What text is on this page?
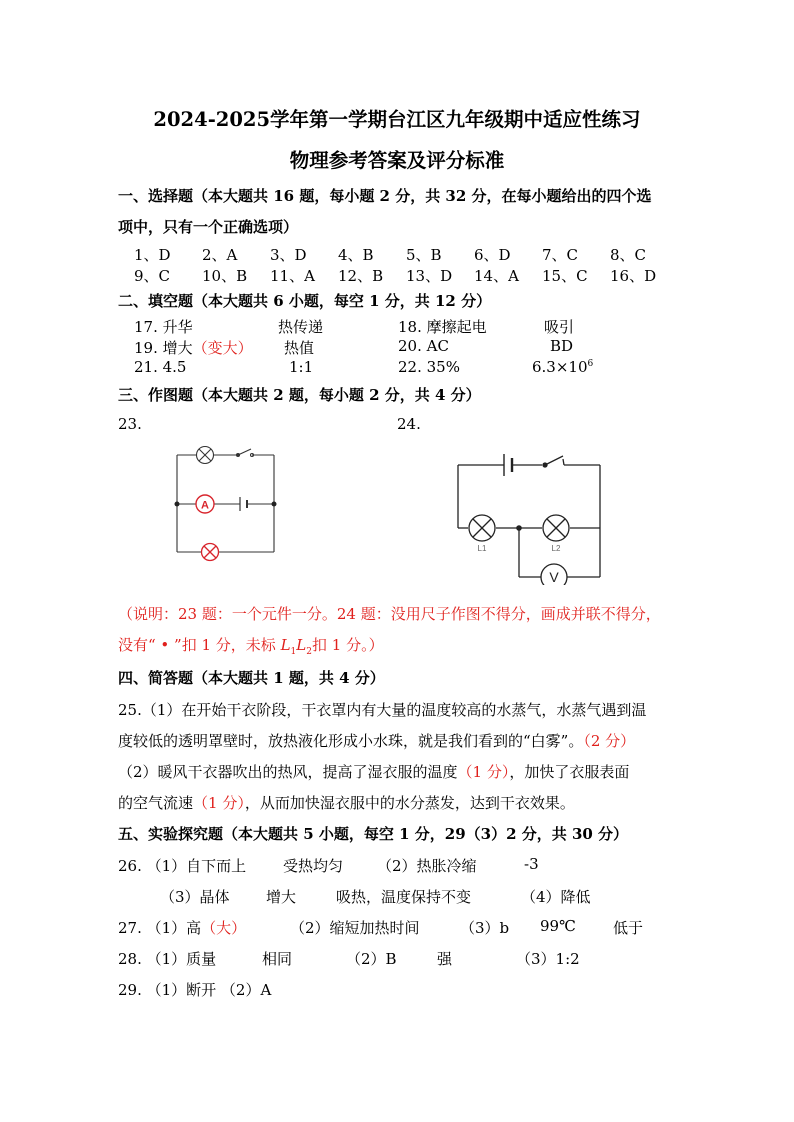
2024-2025学年第一学期台江区九年级期中适应性练习
物理参考答案及评分标准
一、选择题（本大题共 16 题，每小题 2 分，共 32 分，在每小题给出的四个选
项中，只有一个正确选项）
1、D 2、A 3、D 4、B 5、B 6、D 7、C 8、C
9、C 10、B 11、A 12、B 13、D 14、A 15、C 16、D
二、填空题（本大题共 6 小题，每空 1 分，共 12 分）
17. 升华	热传递	18. 摩擦起电	吸引
19. 增大（变大） 热值	20. AC	BD
21. 4.5	1:1	22. 35%	$6.3\times 10^6$
三、作图题（本大题共 2 题，每小题 2 分，共 4 分）
23.	24.
A
V
L1	L2
（说明：23 题：一个元件一分。24 题：没用尺子作图不得分，画成并联不得分，
没有“ • ”扣 1 分，未标 $L_1L_2$扣 1 分。）
四、简答题（本大题共 1 题，共 4 分）
25.（1）在开始干衣阶段，干衣罩内有大量的温度较高的水蒸气，水蒸气遇到温
度较低的透明罩壁时，放热液化形成小水珠，就是我们看到的“白雾”。（2 分）
（2）暖风干衣器吹出的热风，提高了湿衣服的温度（1 分），加快了衣服表面
的空气流速（1 分），从而加快湿衣服中的水分蒸发，达到干衣效果。
五、实验探究题（本大题共 5 小题，每空 1 分，29（3）2 分，共 30 分）
26. （1）自下而上 受热均匀 （2）热胀冷缩	-3
（3）晶体 增大	吸热，温度保持不变	（4）降低
27. （1）高（大）	（2）缩短加热时间	（3）b 99℃ 低于
28. （1）质量	相同	（2）B	强	（3）1:2
29. （1）断开 （2）A
